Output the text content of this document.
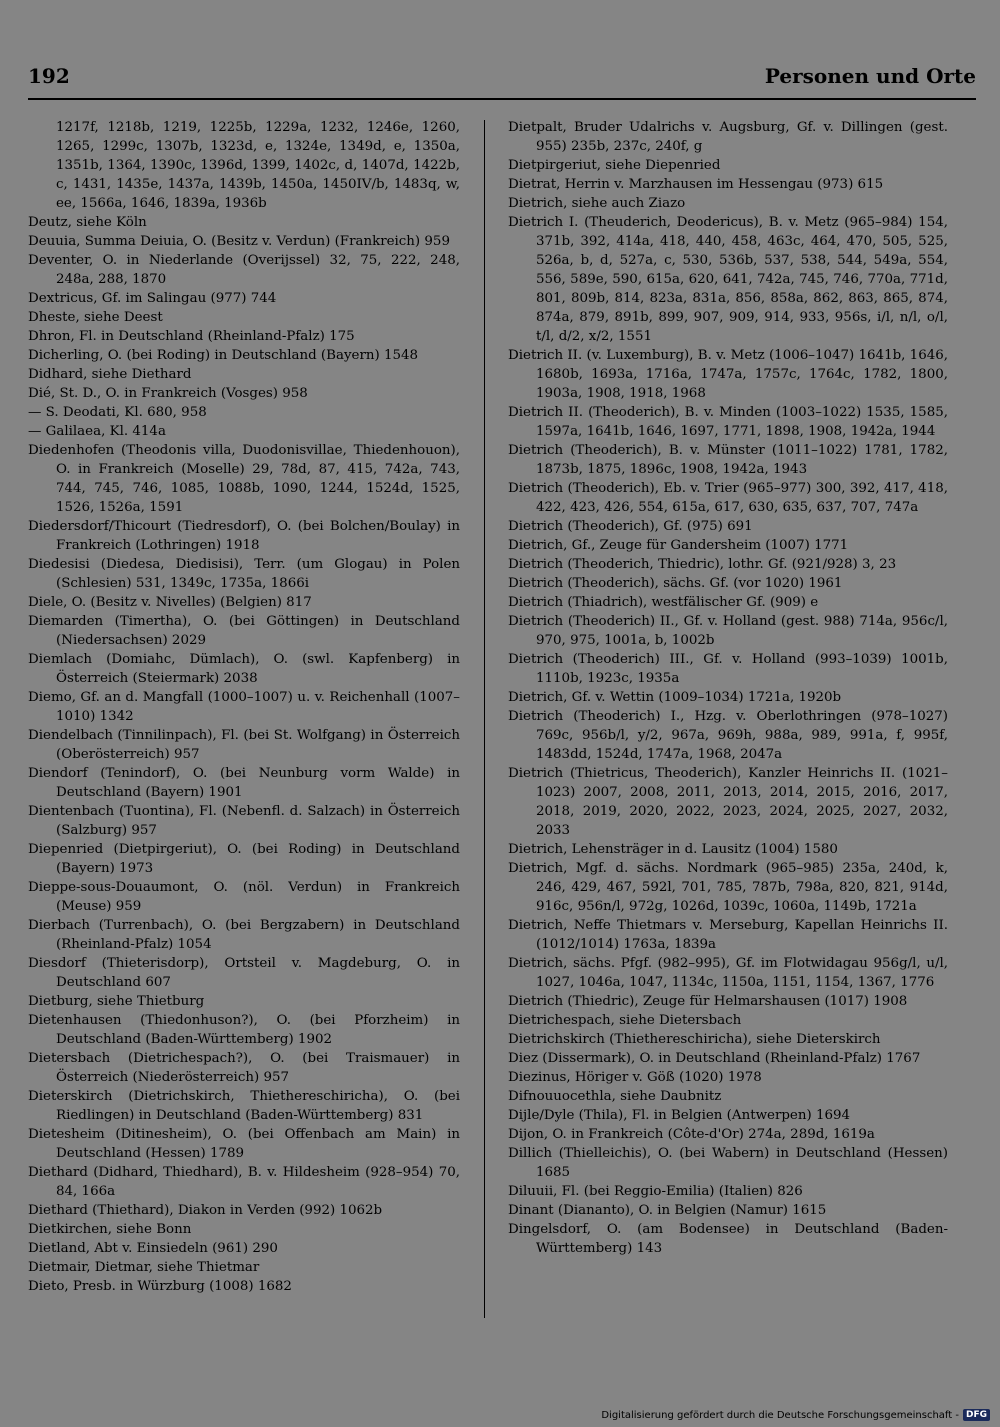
192	Personen und Orte

1217f, 1218b, 1219, 1225b, 1229a, 1232, 1246e, 1260, 1265, 1299c, 1307b, 1323d, e, 1324e, 1349d, e, 1350a, 1351b, 1364, 1390c, 1396d, 1399, 1402c, d, 1407d, 1422b, c, 1431, 1435e, 1437a, 1439b, 1450a, 1450IV/b, 1483q, w, ee, 1566a, 1646, 1839a, 1936b

Deutz, siehe Köln

Deuuia, Summa Deiuia, O. (Besitz v. Verdun) (Frankreich) 959

Deventer, O. in Niederlande (Overijssel) 32, 75, 222, 248, 248a, 288, 1870

Dextricus, Gf. im Salingau (977) 744

Dheste, siehe Deest

Dhron, Fl. in Deutschland (Rheinland-Pfalz) 175

Dicherling, O. (bei Roding) in Deutschland (Bayern) 1548

Didhard, siehe Diethard

Dié, St. D., O. in Frankreich (Vosges) 958

— S. Deodati, Kl. 680, 958

— Galilaea, Kl. 414a

Diedenhofen (Theodonis villa, Duodonisvillae, Thiedenhouon), O. in Frankreich (Moselle) 29, 78d, 87, 415, 742a, 743, 744, 745, 746, 1085, 1088b, 1090, 1244, 1524d, 1525, 1526, 1526a, 1591

Diedersdorf/Thicourt (Tiedresdorf), O. (bei Bolchen/Boulay) in Frankreich (Lothringen) 1918

Diedesisi (Diedesa, Diedisisi), Terr. (um Glogau) in Polen (Schlesien) 531, 1349c, 1735a, 1866i

Diele, O. (Besitz v. Nivelles) (Belgien) 817

Diemarden (Timertha), O. (bei Göttingen) in Deutschland (Niedersachsen) 2029

Diemlach (Domiahc, Dümlach), O. (swl. Kapfenberg) in Österreich (Steiermark) 2038

Diemo, Gf. an d. Mangfall (1000–1007) u. v. Reichenhall (1007–1010) 1342

Diendelbach (Tinnilinpach), Fl. (bei St. Wolfgang) in Österreich (Oberösterreich) 957

Diendorf (Tenindorf), O. (bei Neunburg vorm Walde) in Deutschland (Bayern) 1901

Dientenbach (Tuontina), Fl. (Nebenfl. d. Salzach) in Österreich (Salzburg) 957

Diepenried (Dietpirgeriut), O. (bei Roding) in Deutschland (Bayern) 1973

Dieppe-sous-Douaumont, O. (nöl. Verdun) in Frankreich (Meuse) 959

Dierbach (Turrenbach), O. (bei Bergzabern) in Deutschland (Rheinland-Pfalz) 1054

Diesdorf (Thieterisdorp), Ortsteil v. Magdeburg, O. in Deutschland 607

Dietburg, siehe Thietburg

Dietenhausen (Thiedonhuson?), O. (bei Pforzheim) in Deutschland (Baden-Württemberg) 1902

Dietersbach (Dietrichespach?), O. (bei Traismauer) in Österreich (Niederösterreich) 957

Dieterskirch (Dietrichskirch, Thiethereschiricha), O. (bei Riedlingen) in Deutschland (Baden-Württemberg) 831

Dietesheim (Ditinesheim), O. (bei Offenbach am Main) in Deutschland (Hessen) 1789

Diethard (Didhard, Thiedhard), B. v. Hildesheim (928–954) 70, 84, 166a

Diethard (Thiethard), Diakon in Verden (992) 1062b

Dietkirchen, siehe Bonn

Dietland, Abt v. Einsiedeln (961) 290

Dietmair, Dietmar, siehe Thietmar

Dieto, Presb. in Würzburg (1008) 1682

Dietpalt, Bruder Udalrichs v. Augsburg, Gf. v. Dillingen (gest. 955) 235b, 237c, 240f, g

Dietpirgeriut, siehe Diepenried

Dietrat, Herrin v. Marzhausen im Hessengau (973) 615

Dietrich, siehe auch Ziazo

Dietrich I. (Theuderich, Deodericus), B. v. Metz (965–984) 154, 371b, 392, 414a, 418, 440, 458, 463c, 464, 470, 505, 525, 526a, b, d, 527a, c, 530, 536b, 537, 538, 544, 549a, 554, 556, 589e, 590, 615a, 620, 641, 742a, 745, 746, 770a, 771d, 801, 809b, 814, 823a, 831a, 856, 858a, 862, 863, 865, 874, 874a, 879, 891b, 899, 907, 909, 914, 933, 956s, i/l, n/l, o/l, t/l, d/2, x/2, 1551

Dietrich II. (v. Luxemburg), B. v. Metz (1006–1047) 1641b, 1646, 1680b, 1693a, 1716a, 1747a, 1757c, 1764c, 1782, 1800, 1903a, 1908, 1918, 1968

Dietrich II. (Theoderich), B. v. Minden (1003–1022) 1535, 1585, 1597a, 1641b, 1646, 1697, 1771, 1898, 1908, 1942a, 1944

Dietrich (Theoderich), B. v. Münster (1011–1022) 1781, 1782, 1873b, 1875, 1896c, 1908, 1942a, 1943

Dietrich (Theoderich), Eb. v. Trier (965–977) 300, 392, 417, 418, 422, 423, 426, 554, 615a, 617, 630, 635, 637, 707, 747a

Dietrich (Theoderich), Gf. (975) 691

Dietrich, Gf., Zeuge für Gandersheim (1007) 1771

Dietrich (Theoderich, Thiedric), lothr. Gf. (921/928) 3, 23

Dietrich (Theoderich), sächs. Gf. (vor 1020) 1961

Dietrich (Thiadrich), westfälischer Gf. (909) e

Dietrich (Theoderich) II., Gf. v. Holland (gest. 988) 714a, 956c/l, 970, 975, 1001a, b, 1002b

Dietrich (Theoderich) III., Gf. v. Holland (993–1039) 1001b, 1110b, 1923c, 1935a

Dietrich, Gf. v. Wettin (1009–1034) 1721a, 1920b

Dietrich (Theoderich) I., Hzg. v. Oberlothringen (978–1027) 769c, 956b/l, y/2, 967a, 969h, 988a, 989, 991a, f, 995f, 1483dd, 1524d, 1747a, 1968, 2047a

Dietrich (Thietricus, Theoderich), Kanzler Heinrichs II. (1021–1023) 2007, 2008, 2011, 2013, 2014, 2015, 2016, 2017, 2018, 2019, 2020, 2022, 2023, 2024, 2025, 2027, 2032, 2033

Dietrich, Lehensträger in d. Lausitz (1004) 1580

Dietrich, Mgf. d. sächs. Nordmark (965–985) 235a, 240d, k, 246, 429, 467, 592l, 701, 785, 787b, 798a, 820, 821, 914d, 916c, 956n/l, 972g, 1026d, 1039c, 1060a, 1149b, 1721a

Dietrich, Neffe Thietmars v. Merseburg, Kapellan Heinrichs II. (1012/1014) 1763a, 1839a

Dietrich, sächs. Pfgf. (982–995), Gf. im Flotwidagau 956g/l, u/l, 1027, 1046a, 1047, 1134c, 1150a, 1151, 1154, 1367, 1776

Dietrich (Thiedric), Zeuge für Helmarshausen (1017) 1908

Dietrichespach, siehe Dietersbach

Dietrichskirch (Thiethereschiricha), siehe Dieterskirch

Diez (Dissermark), O. in Deutschland (Rheinland-Pfalz) 1767

Diezinus, Höriger v. Göß (1020) 1978

Difnouuocethla, siehe Daubnitz

Dijle/Dyle (Thila), Fl. in Belgien (Antwerpen) 1694

Dijon, O. in Frankreich (Côte-d'Or) 274a, 289d, 1619a

Dillich (Thielleichis), O. (bei Wabern) in Deutschland (Hessen) 1685

Diluuii, Fl. (bei Reggio-Emilia) (Italien) 826

Dinant (Diananto), O. in Belgien (Namur) 1615

Dingelsdorf, O. (am Bodensee) in Deutschland (Baden-Württemberg) 143

Digitalisierung gefördert durch die Deutsche Forschungsgemeinschaft - DFG
